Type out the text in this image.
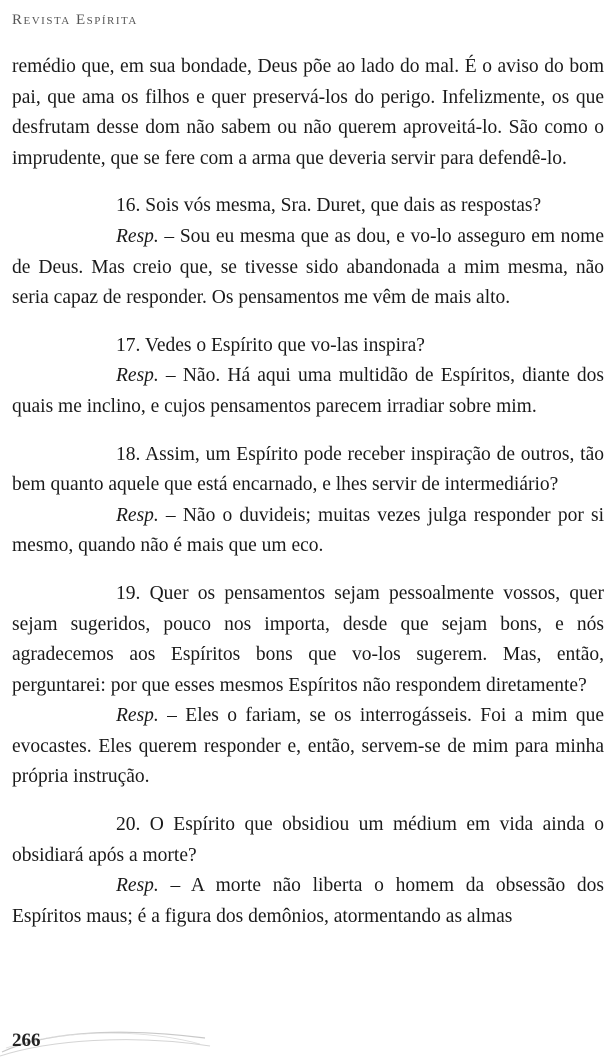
Revista Espírita

remédio que, em sua bondade, Deus põe ao lado do mal. É o aviso do bom pai, que ama os filhos e quer preservá-los do perigo. Infelizmente, os que desfrutam desse dom não sabem ou não querem aproveitá-lo. São como o imprudente, que se fere com a arma que deveria servir para defendê-lo.

16. Sois vós mesma, Sra. Duret, que dais as respostas?

Resp. – Sou eu mesma que as dou, e vo-lo asseguro em nome de Deus. Mas creio que, se tivesse sido abandonada a mim mesma, não seria capaz de responder. Os pensamentos me vêm de mais alto.

17. Vedes o Espírito que vo-las inspira?

Resp. – Não. Há aqui uma multidão de Espíritos, diante dos quais me inclino, e cujos pensamentos parecem irradiar sobre mim.

18. Assim, um Espírito pode receber inspiração de outros, tão bem quanto aquele que está encarnado, e lhes servir de intermediário?

Resp. – Não o duvideis; muitas vezes julga responder por si mesmo, quando não é mais que um eco.

19. Quer os pensamentos sejam pessoalmente vossos, quer sejam sugeridos, pouco nos importa, desde que sejam bons, e nós agradecemos aos Espíritos bons que vo-los sugerem. Mas, então, perguntarei: por que esses mesmos Espíritos não respondem diretamente?

Resp. – Eles o fariam, se os interrogásseis. Foi a mim que evocastes. Eles querem responder e, então, servem-se de mim para minha própria instrução.

20. O Espírito que obsidiou um médium em vida ainda o obsidiará após a morte?

Resp. – A morte não liberta o homem da obsessão dos Espíritos maus; é a figura dos demônios, atormentando as almas

266
